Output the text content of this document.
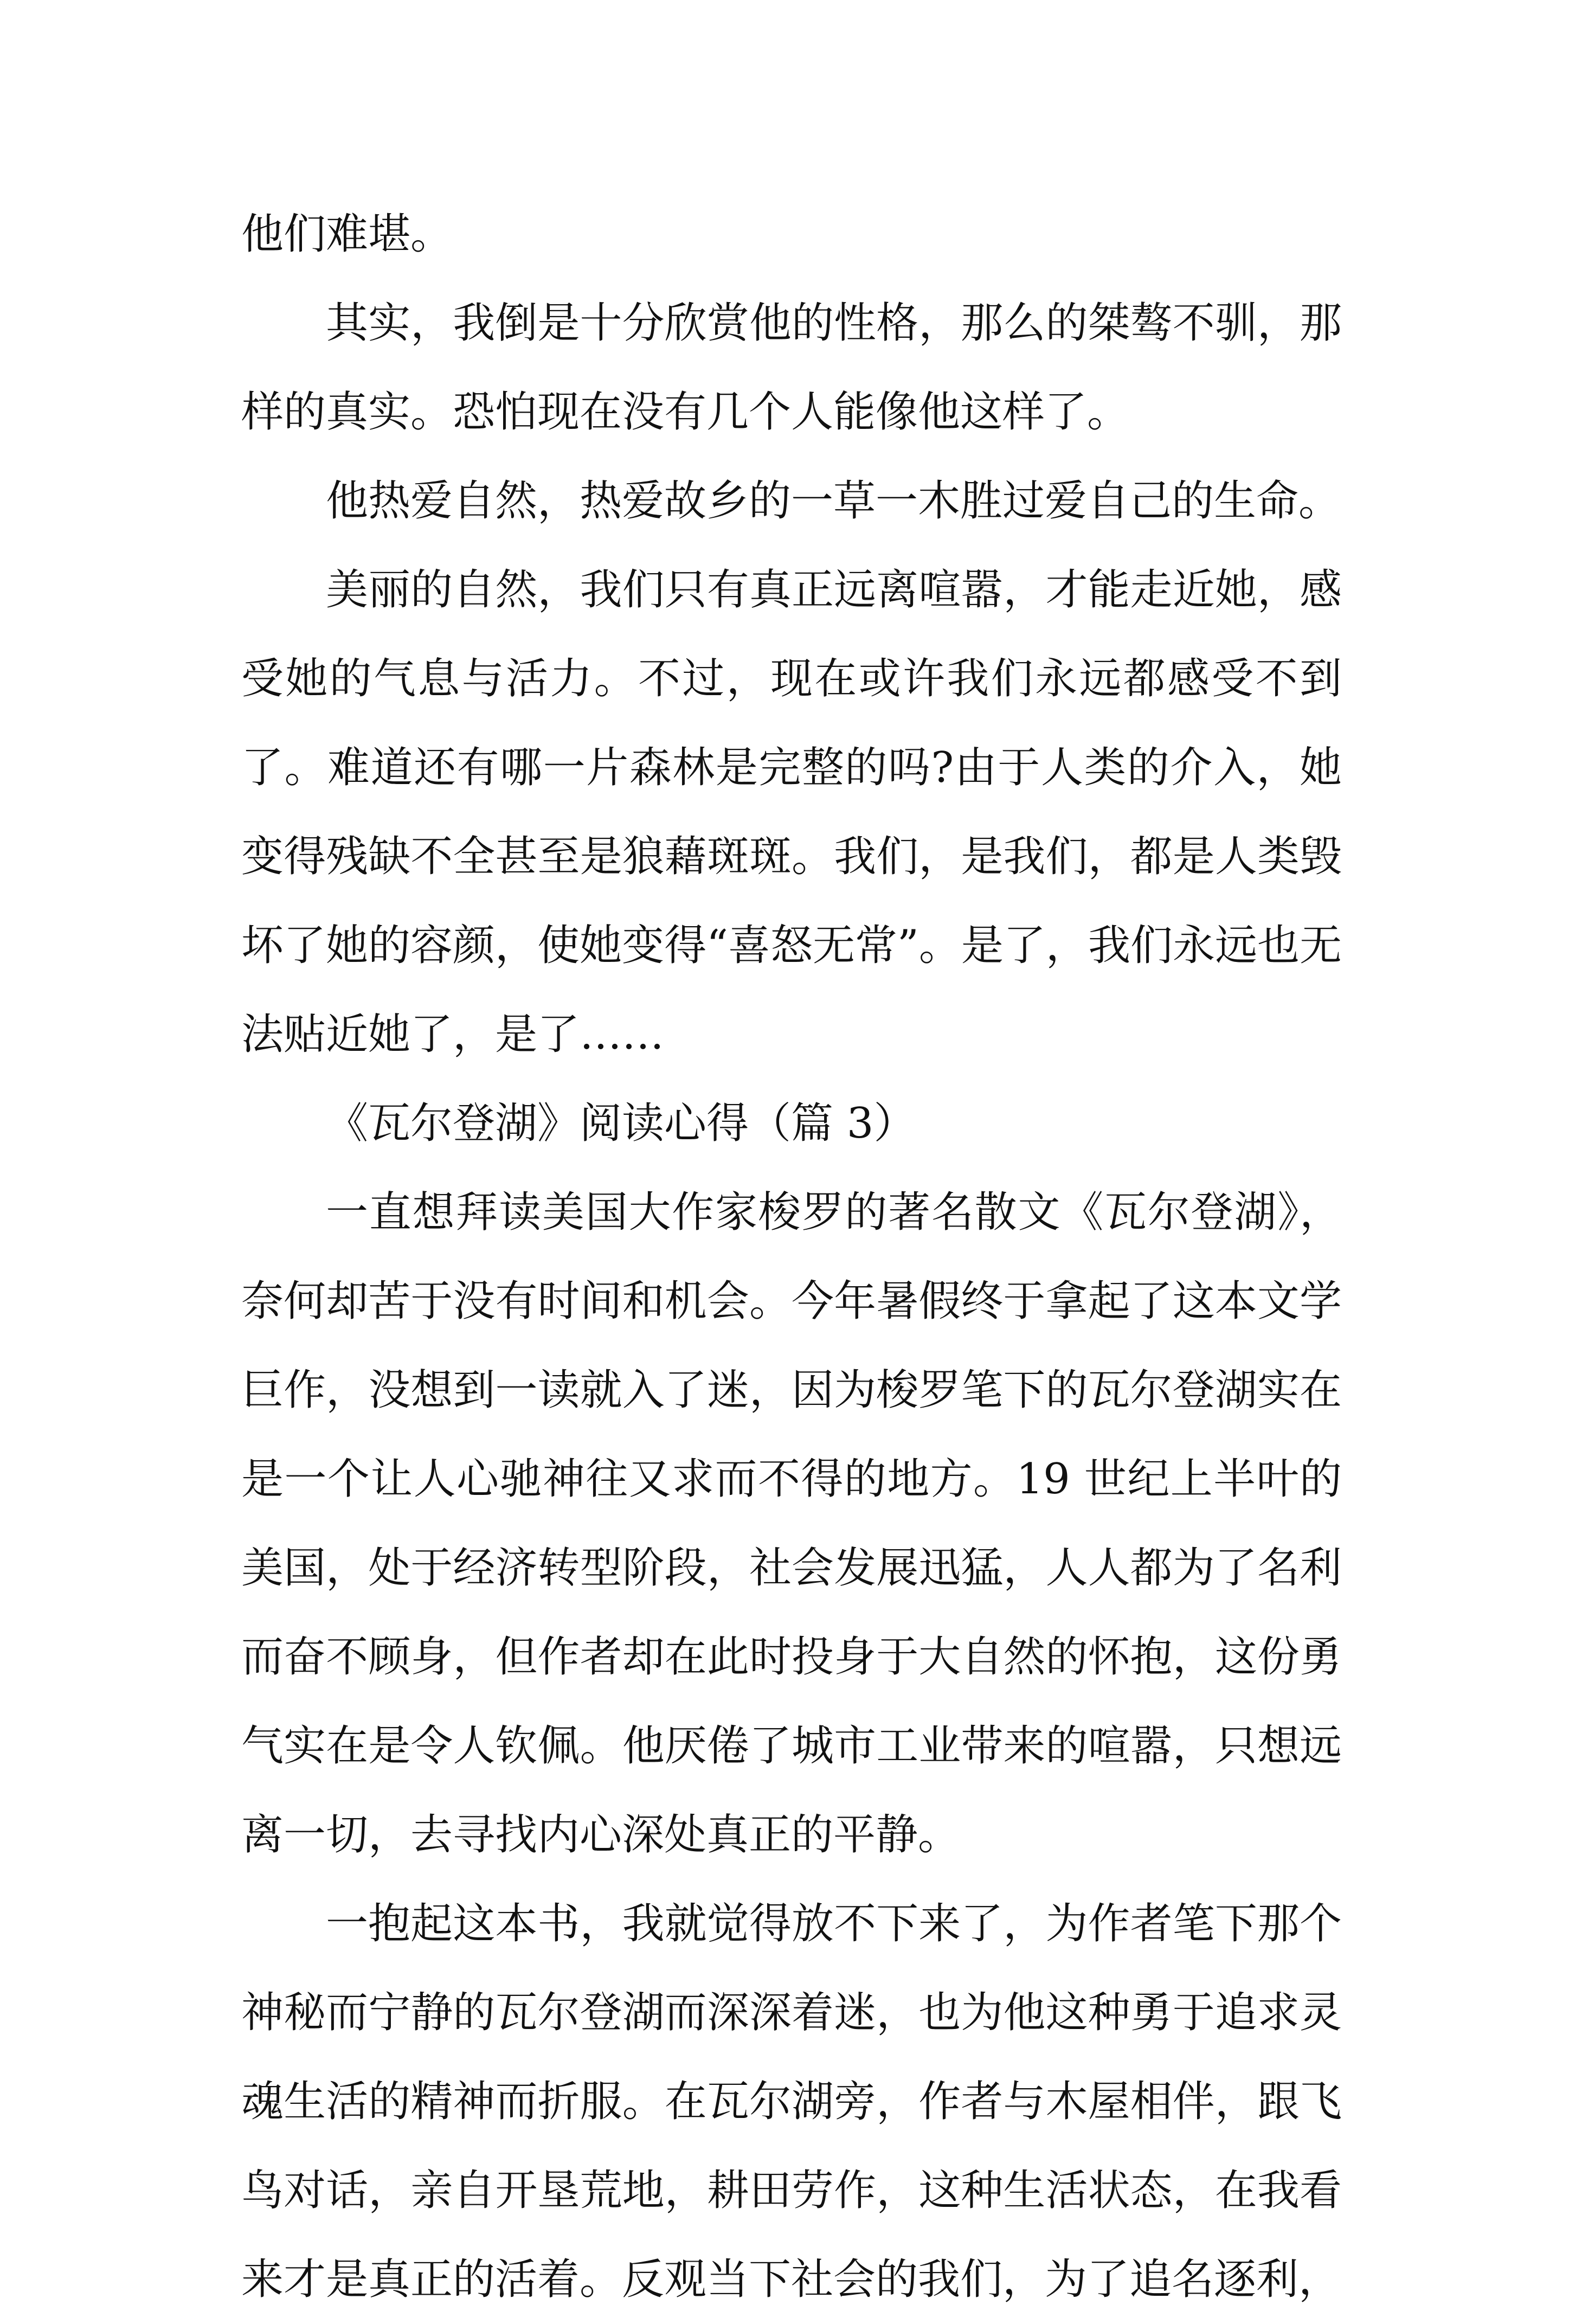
他们难堪。

其实，我倒是十分欣赏他的性格，那么的桀骜不驯，那样的真实。恐怕现在没有几个人能像他这样了。

他热爱自然，热爱故乡的一草一木胜过爱自己的生命。

美丽的自然，我们只有真正远离喧嚣，才能走近她，感受她的气息与活力。不过，现在或许我们永远都感受不到了。难道还有哪一片森林是完整的吗?由于人类的介入，她变得残缺不全甚至是狼藉斑斑。我们，是我们，都是人类毁坏了她的容颜，使她变得“喜怒无常”。是了，我们永远也无法贴近她了，是了……

《瓦尔登湖》阅读心得（篇 3）

一直想拜读美国大作家梭罗的著名散文《瓦尔登湖》，奈何却苦于没有时间和机会。今年暑假终于拿起了这本文学巨作，没想到一读就入了迷，因为梭罗笔下的瓦尔登湖实在是一个让人心驰神往又求而不得的地方。19 世纪上半叶的美国，处于经济转型阶段，社会发展迅猛，人人都为了名利而奋不顾身，但作者却在此时投身于大自然的怀抱，这份勇气实在是令人钦佩。他厌倦了城市工业带来的喧嚣，只想远离一切，去寻找内心深处真正的平静。

一抱起这本书，我就觉得放不下来了，为作者笔下那个神秘而宁静的瓦尔登湖而深深着迷，也为他这种勇于追求灵魂生活的精神而折服。在瓦尔湖旁，作者与木屋相伴，跟飞鸟对话，亲自开垦荒地，耕田劳作，这种生活状态，在我看来才是真正的活着。反观当下社会的我们，为了追名逐利，
